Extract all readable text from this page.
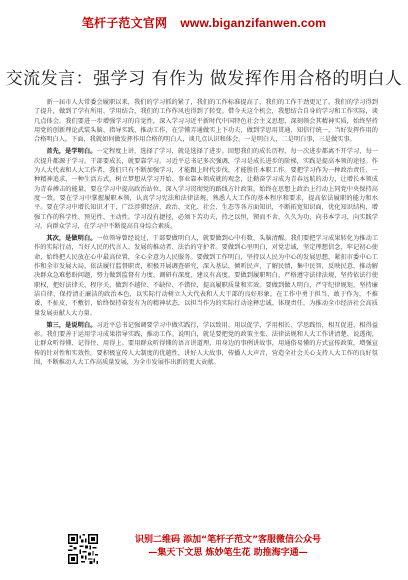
笔杆子范文官网 www.biganzifanwen.com
交流发言：强学习 有作为 做发挥作用合格的明白人

新一届市人大常委会履职以来，我们的学习抓的紧了，我们的工作标准提高了，我们的工作干劲更足了。我们的学习得到了提升，做到了学有所用、学用结合，我们的工作作风也得到了转变。借今天这个机会，我想结合自身的学习和工作实际，谈几点体会。我们要进一步增强学习的自觉性，深入学习习近平新时代中国特色社会主义思想，深刻领会其精神实质，始终坚持用党的创新理论武装头脑、指导实践、推动工作，在学懂弄通做实上下功夫，做到学思用贯通、知信行统一，当好发挥作用的合格明白人。下面，我就如何做发挥作用合格的明白人，谈几点认识和体会。一是明白人，二是明白事，三是做实事。

首先，是学明白。一定程度上讲，选择了学习，就是选择了进步。回想我们的成长历程，每一次进步都离不开学习，每一次提升都源于学习。干部要成长，就要靠学习。习近平总书记多次强调，学习是成长进步的阶梯，实践是提高本领的途径。作为人大代表和人大工作者，我们只有不断加强学习，才能跟上时代步伐，才能胜任本职工作。要把学习作为一种政治责任、一种精神追求、一种生活方式，树立梦想从学习开始、事业靠本领成就的观念，让勤奋学习成为青春远航的动力，让增长本领成为青春搏击的能量。要在学习中提高政治站位，深入学习贯彻党的路线方针政策，始终在思想上政治上行动上同党中央保持高度一致。要在学习中掌握履职本领，认真学习宪法和法律法规，熟悉人大工作的基本程序和要求，提高依法履职的能力和水平。要在学习中增长知识才干，广泛涉猎经济、政治、文化、社会、生态等各方面知识，不断拓宽知识面，优化知识结构，增强工作的科学性、预见性、主动性。学习没有捷径，必须下苦功夫，持之以恒，锲而不舍，久久为功，向书本学习，向实践学习，向群众学习，在学习中不断提高自身综合素质。

其次，是做明白。一位领导曾经说过，干部要做明白人，就要做到心中有数、头脑清醒。我们要把学习成果转化为推动工作的实际行动，当好人民的代言人、发展的推动者、法治的守护者。要做到心里明白，对党忠诚，坚定理想信念，牢记初心使命，始终把人民放在心中最高位置，全心全意为人民服务。要做到工作明白，坚持以人民为中心的发展思想，紧扣市委中心工作和全市发展大局，依法履行监督职责，积极开展调查研究，深入基层，倾听民声，了解民情，集中民智，反映民意，推动解决群众急难愁盼问题，努力做到监督有力度、调研有深度、建议有高度。要做到履职明白，严格遵守法律法规，坚持依法行使职权，把好法律关、程序关，做到不越位、不缺位、不错位，提高履职质量和实效。要做到做人明白，严守纪律规矩，坚持廉洁自律，保持清正廉洁的政治本色，以实际行动树立人大代表和人大干部的良好形象。在工作中勇于担当、敢于作为，不推诿、不扯皮、不敷衍，始终保持奋发有为的精神状态，以担当作为的实际行动诠释忠诚、体现责任，为推动全市经济社会高质量发展贡献人大力量。

第三，是说明白。习近平总书记强调要学习中做实践行，学以致用、用以促学，学用相长、学思践悟，相互促进、相得益彰。我们要善于运用学习成果指导实践，推动工作。说明白，就是要把党的政策主张、法律法规和人大工作讲清楚、说透彻，让群众听得懂、记得住、用得上。要用群众听得懂的语言讲道理，用身边的事例讲故事，用通俗易懂的方式宣传政策，增强宣传的针对性和实效性。要积极宣传人大制度的优越性，讲好人大故事，传播人大声音，营造全社会关心支持人大工作的良好氛围，不断推动人大工作高质量发展，为全市发展作出新的更大贡献。

识别二维码 添加“笔杆子范文”客服微信公众号
—集天下文思 炼妙笔生花 助推海字通—
